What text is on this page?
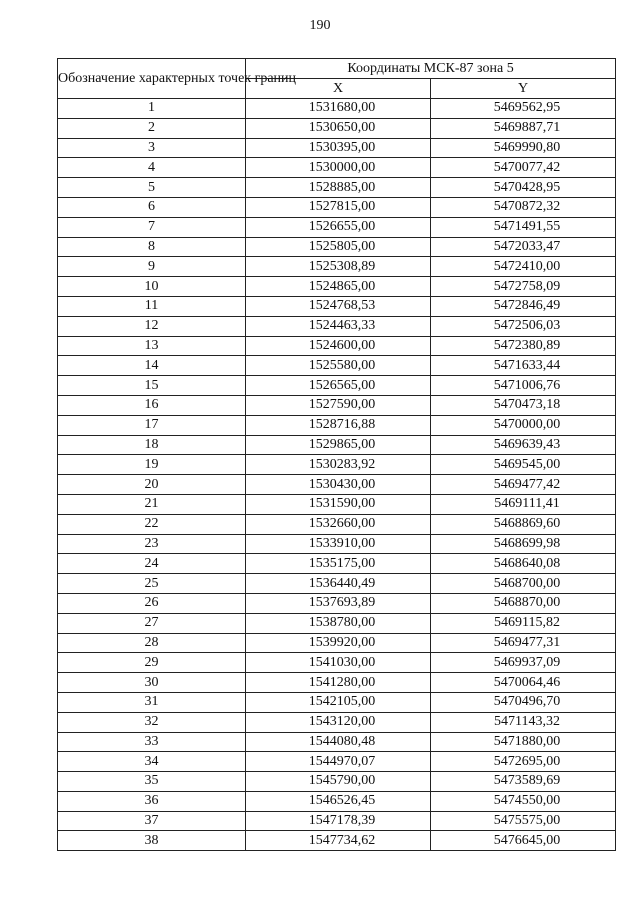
190
Обозначение характерных точек границ	Координаты МСК-87 зона 5	
	X	Y
1	1531680,00	5469562,95
2	1530650,00	5469887,71
3	1530395,00	5469990,80
4	1530000,00	5470077,42
5	1528885,00	5470428,95
6	1527815,00	5470872,32
7	1526655,00	5471491,55
8	1525805,00	5472033,47
9	1525308,89	5472410,00
10	1524865,00	5472758,09
11	1524768,53	5472846,49
12	1524463,33	5472506,03
13	1524600,00	5472380,89
14	1525580,00	5471633,44
15	1526565,00	5471006,76
16	1527590,00	5470473,18
17	1528716,88	5470000,00
18	1529865,00	5469639,43
19	1530283,92	5469545,00
20	1530430,00	5469477,42
21	1531590,00	5469111,41
22	1532660,00	5468869,60
23	1533910,00	5468699,98
24	1535175,00	5468640,08
25	1536440,49	5468700,00
26	1537693,89	5468870,00
27	1538780,00	5469115,82
28	1539920,00	5469477,31
29	1541030,00	5469937,09
30	1541280,00	5470064,46
31	1542105,00	5470496,70
32	1543120,00	5471143,32
33	1544080,48	5471880,00
34	1544970,07	5472695,00
35	1545790,00	5473589,69
36	1546526,45	5474550,00
37	1547178,39	5475575,00
38	1547734,62	5476645,00
